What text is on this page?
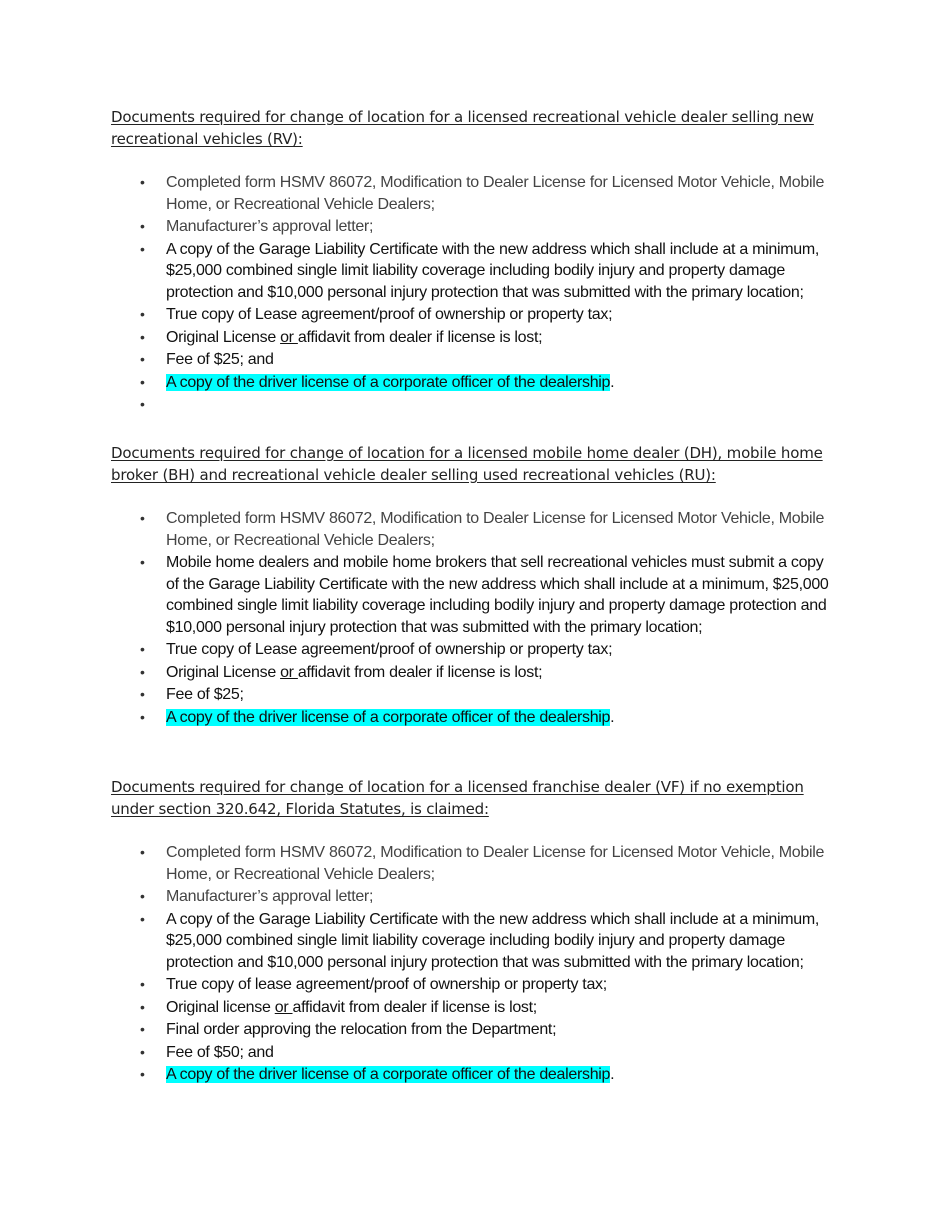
Documents required for change of location for a licensed recreational vehicle dealer selling new recreational vehicles (RV):

• Completed form HSMV 86072, Modification to Dealer License for Licensed Motor Vehicle, Mobile Home, or Recreational Vehicle Dealers;
• Manufacturer’s approval letter;
• A copy of the Garage Liability Certificate with the new address which shall include at a minimum, $25,000 combined single limit liability coverage including bodily injury and property damage protection and $10,000 personal injury protection that was submitted with the primary location;
• True copy of Lease agreement/proof of ownership or property tax;
• Original License or affidavit from dealer if license is lost;
• Fee of $25; and
• A copy of the driver license of a corporate officer of the dealership.
•

Documents required for change of location for a licensed mobile home dealer (DH), mobile home broker (BH) and recreational vehicle dealer selling used recreational vehicles (RU):

• Completed form HSMV 86072, Modification to Dealer License for Licensed Motor Vehicle, Mobile Home, or Recreational Vehicle Dealers;
• Mobile home dealers and mobile home brokers that sell recreational vehicles must submit a copy of the Garage Liability Certificate with the new address which shall include at a minimum, $25,000 combined single limit liability coverage including bodily injury and property damage protection and $10,000 personal injury protection that was submitted with the primary location;
• True copy of Lease agreement/proof of ownership or property tax;
• Original License or affidavit from dealer if license is lost;
• Fee of $25;
• A copy of the driver license of a corporate officer of the dealership.

Documents required for change of location for a licensed franchise dealer (VF) if no exemption under section 320.642, Florida Statutes, is claimed:

• Completed form HSMV 86072, Modification to Dealer License for Licensed Motor Vehicle, Mobile Home, or Recreational Vehicle Dealers;
• Manufacturer’s approval letter;
• A copy of the Garage Liability Certificate with the new address which shall include at a minimum, $25,000 combined single limit liability coverage including bodily injury and property damage protection and $10,000 personal injury protection that was submitted with the primary location;
• True copy of lease agreement/proof of ownership or property tax;
• Original license or affidavit from dealer if license is lost;
• Final order approving the relocation from the Department;
• Fee of $50; and
• A copy of the driver license of a corporate officer of the dealership.
